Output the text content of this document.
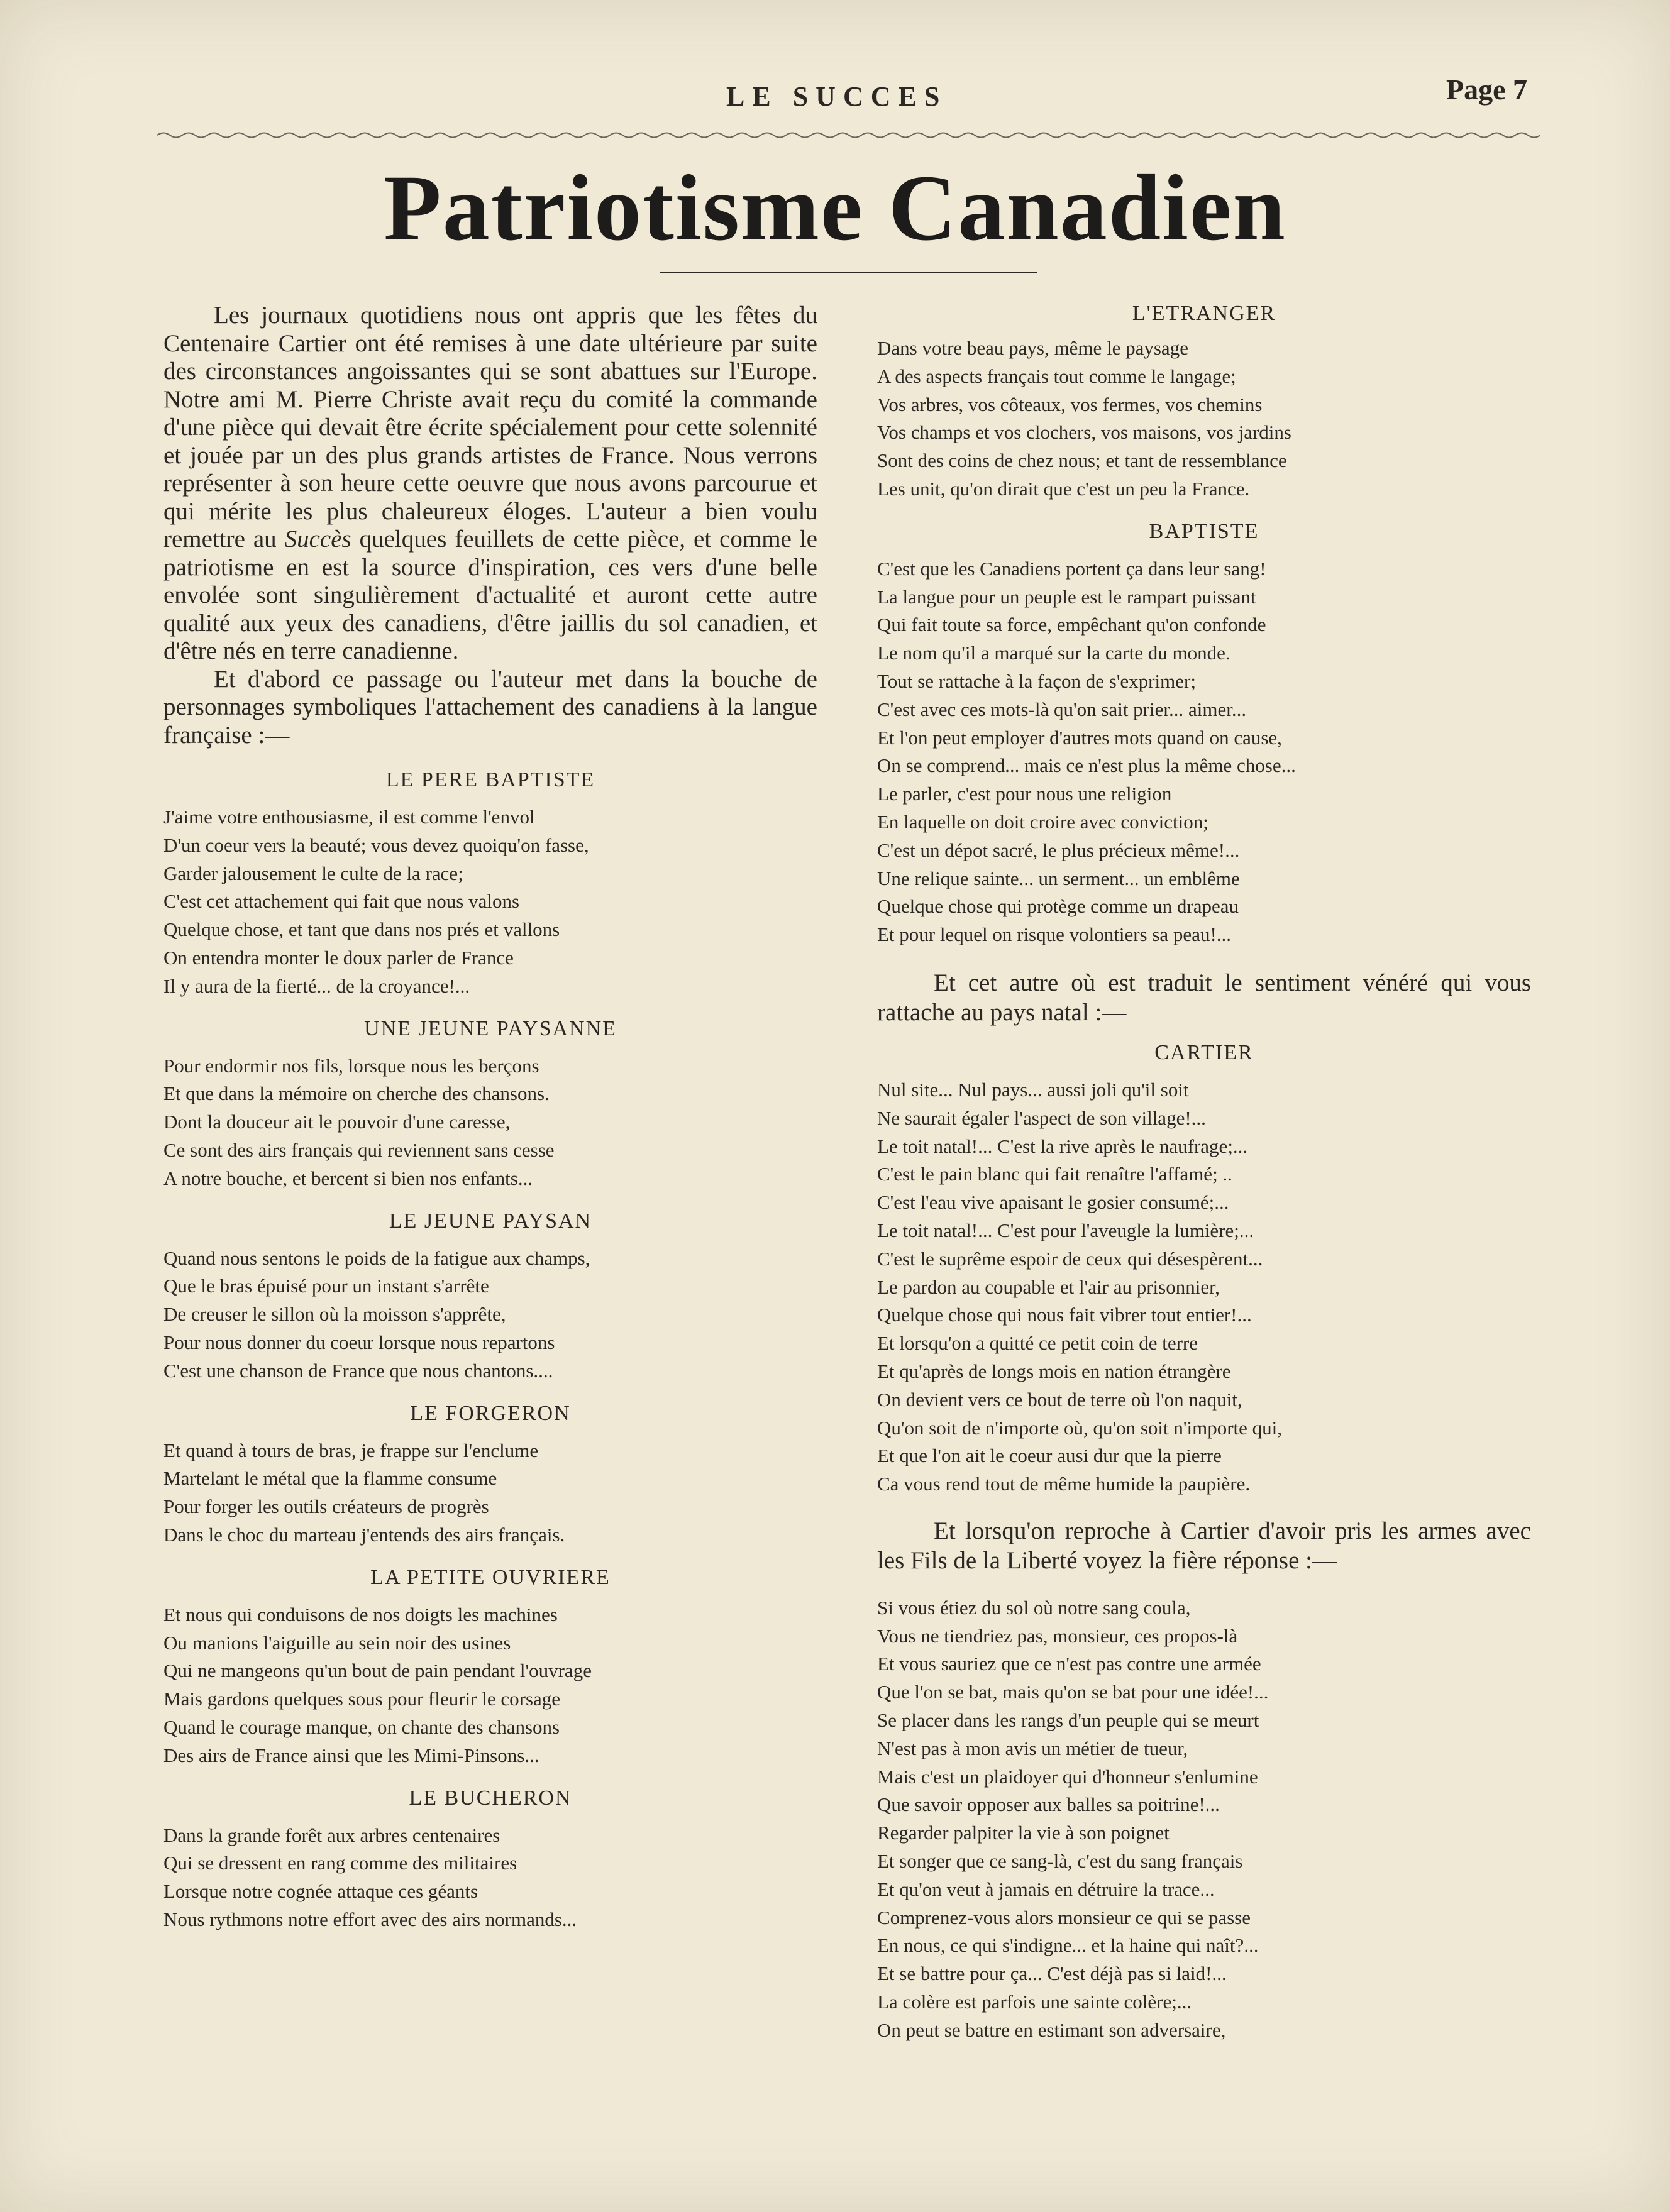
LE SUCCES	Page 7
Patriotisme Canadien

Les journaux quotidiens nous ont appris que les fêtes du Centenaire Cartier ont été remises à une date ultérieure par suite des circonstances angoissantes qui se sont abattues sur l'Europe. Notre ami M. Pierre Christe avait reçu du comité la commande d'une pièce qui devait être écrite spécialement pour cette solennité et jouée par un des plus grands artistes de France. Nous verrons représenter à son heure cette oeuvre que nous avons parcourue et qui mérite les plus chaleureux éloges. L'auteur a bien voulu remettre au Succès quelques feuillets de cette pièce, et comme le patriotisme en est la source d'inspiration, ces vers d'une belle envolée sont singulièrement d'actualité et auront cette autre qualité aux yeux des canadiens, d'être jaillis du sol canadien, et d'être nés en terre canadienne.

Et d'abord ce passage ou l'auteur met dans la bouche de personnages symboliques l'attachement des canadiens à la langue française :—

LE PERE BAPTISTE
J'aime votre enthousiasme, il est comme l'envol
D'un coeur vers la beauté; vous devez quoiqu'on fasse,
Garder jalousement le culte de la race;
C'est cet attachement qui fait que nous valons
Quelque chose, et tant que dans nos prés et vallons
On entendra monter le doux parler de France
Il y aura de la fierté... de la croyance!...
UNE JEUNE PAYSANNE
Pour endormir nos fils, lorsque nous les berçons
Et que dans la mémoire on cherche des chansons.
Dont la douceur ait le pouvoir d'une caresse,
Ce sont des airs français qui reviennent sans cesse
A notre bouche, et bercent si bien nos enfants...
LE JEUNE PAYSAN
Quand nous sentons le poids de la fatigue aux champs,
Que le bras épuisé pour un instant s'arrête
De creuser le sillon où la moisson s'apprête,
Pour nous donner du coeur lorsque nous repartons
C'est une chanson de France que nous chantons....
LE FORGERON
Et quand à tours de bras, je frappe sur l'enclume
Martelant le métal que la flamme consume
Pour forger les outils créateurs de progrès
Dans le choc du marteau j'entends des airs français.
LA PETITE OUVRIERE
Et nous qui conduisons de nos doigts les machines
Ou manions l'aiguille au sein noir des usines
Qui ne mangeons qu'un bout de pain pendant l'ouvrage
Mais gardons quelques sous pour fleurir le corsage
Quand le courage manque, on chante des chansons
Des airs de France ainsi que les Mimi-Pinsons...
LE BUCHERON
Dans la grande forêt aux arbres centenaires
Qui se dressent en rang comme des militaires
Lorsque notre cognée attaque ces géants
Nous rythmons notre effort avec des airs normands...
L'ETRANGER
Dans votre beau pays, même le paysage
A des aspects français tout comme le langage;
Vos arbres, vos côteaux, vos fermes, vos chemins
Vos champs et vos clochers, vos maisons, vos jardins
Sont des coins de chez nous; et tant de ressemblance
Les unit, qu'on dirait que c'est un peu la France.
BAPTISTE
C'est que les Canadiens portent ça dans leur sang!
La langue pour un peuple est le rampart puissant
Qui fait toute sa force, empêchant qu'on confonde
Le nom qu'il a marqué sur la carte du monde.
Tout se rattache à la façon de s'exprimer;
C'est avec ces mots-là qu'on sait prier... aimer...
Et l'on peut employer d'autres mots quand on cause,
On se comprend... mais ce n'est plus la même chose...
Le parler, c'est pour nous une religion
En laquelle on doit croire avec conviction;
C'est un dépot sacré, le plus précieux même!...
Une relique sainte... un serment... un emblême
Quelque chose qui protège comme un drapeau
Et pour lequel on risque volontiers sa peau!...

Et cet autre où est traduit le sentiment vénéré qui vous rattache au pays natal :—

CARTIER
Nul site... Nul pays... aussi joli qu'il soit
Ne saurait égaler l'aspect de son village!...
Le toit natal!... C'est la rive après le naufrage;...
C'est le pain blanc qui fait renaître l'affamé; ..
C'est l'eau vive apaisant le gosier consumé;...
Le toit natal!... C'est pour l'aveugle la lumière;...
C'est le suprême espoir de ceux qui désespèrent...
Le pardon au coupable et l'air au prisonnier,
Quelque chose qui nous fait vibrer tout entier!...
Et lorsqu'on a quitté ce petit coin de terre
Et qu'après de longs mois en nation étrangère
On devient vers ce bout de terre où l'on naquit,
Qu'on soit de n'importe où, qu'on soit n'importe qui,
Et que l'on ait le coeur ausi dur que la pierre
Ca vous rend tout de même humide la paupière.

Et lorsqu'on reproche à Cartier d'avoir pris les armes avec les Fils de la Liberté voyez la fière réponse :—

Si vous étiez du sol où notre sang coula,
Vous ne tiendriez pas, monsieur, ces propos-là
Et vous sauriez que ce n'est pas contre une armée
Que l'on se bat, mais qu'on se bat pour une idée!...
Se placer dans les rangs d'un peuple qui se meurt
N'est pas à mon avis un métier de tueur,
Mais c'est un plaidoyer qui d'honneur s'enlumine
Que savoir opposer aux balles sa poitrine!...
Regarder palpiter la vie à son poignet
Et songer que ce sang-là, c'est du sang français
Et qu'on veut à jamais en détruire la trace...
Comprenez-vous alors monsieur ce qui se passe
En nous, ce qui s'indigne... et la haine qui naît?...
Et se battre pour ça... C'est déjà pas si laid!...
La colère est parfois une sainte colère;...
On peut se battre en estimant son adversaire,
